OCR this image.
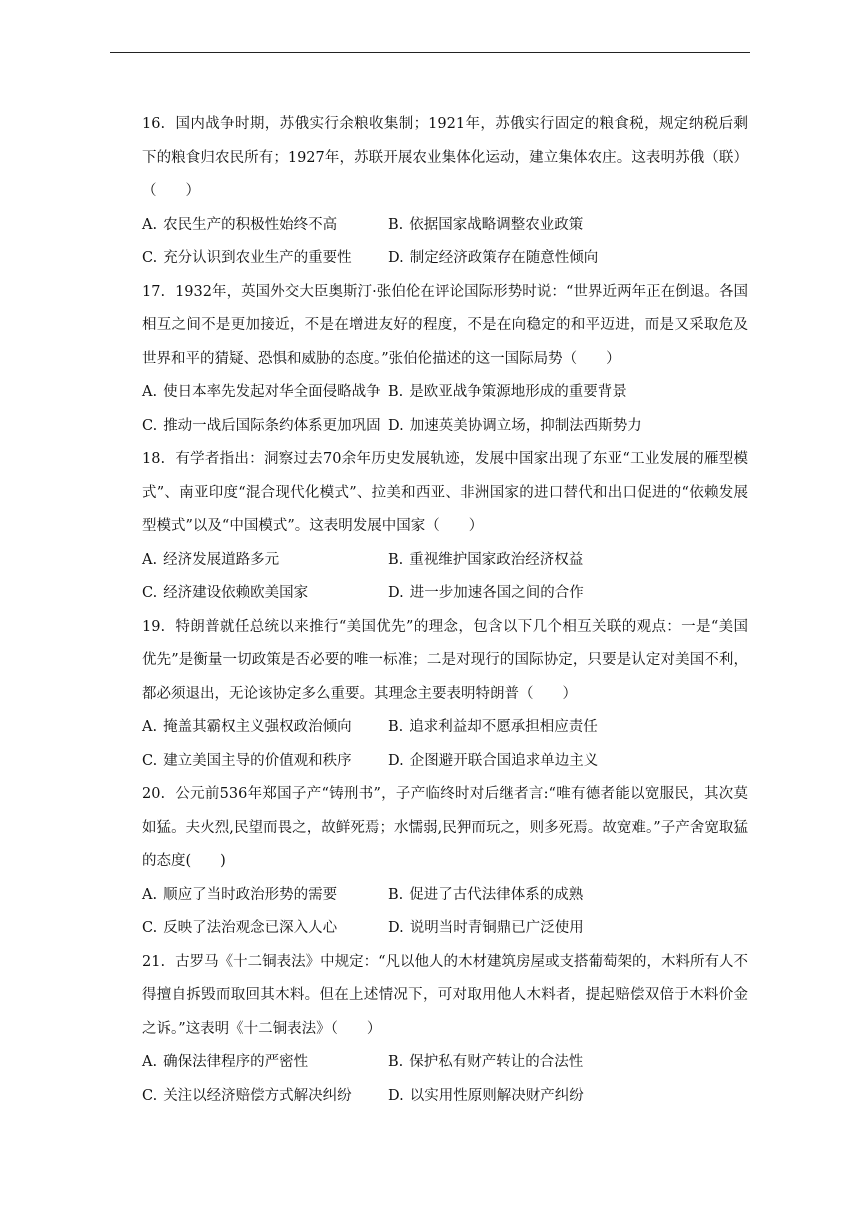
16. 国内战争时期，苏俄实行余粮收集制；1921年，苏俄实行固定的粮食税，规定纳税后剩下的粮食归农民所有；1927年，苏联开展农业集体化运动，建立集体农庄。这表明苏俄（联）（　　）

A. 农民生产的积极性始终不高	B. 依据国家战略调整农业政策
C. 充分认识到农业生产的重要性	D. 制定经济政策存在随意性倾向

17. 1932年，英国外交大臣奥斯汀·张伯伦在评论国际形势时说：“世界近两年正在倒退。各国相互之间不是更加接近，不是在增进友好的程度，不是在向稳定的和平迈进，而是又采取危及世界和平的猜疑、恐惧和威胁的态度。”张伯伦描述的这一国际局势（　　）

A. 使日本率先发起对华全面侵略战争 B. 是欧亚战争策源地形成的重要背景
C. 推动一战后国际条约体系更加巩固 D. 加速英美协调立场，抑制法西斯势力

18. 有学者指出：洞察过去70余年历史发展轨迹，发展中国家出现了东亚“工业发展的雁型模式”、南亚印度“混合现代化模式”、拉美和西亚、非洲国家的进口替代和出口促进的“依赖发展型模式”以及“中国模式”。这表明发展中国家（　　）

A. 经济发展道路多元	B. 重视维护国家政治经济权益
C. 经济建设依赖欧美国家	D. 进一步加速各国之间的合作

19. 特朗普就任总统以来推行“美国优先”的理念，包含以下几个相互关联的观点：一是“美国优先”是衡量一切政策是否必要的唯一标准；二是对现行的国际协定，只要是认定对美国不利，都必须退出，无论该协定多么重要。其理念主要表明特朗普（　　）

A. 掩盖其霸权主义强权政治倾向	B. 追求利益却不愿承担相应责任
C. 建立美国主导的价值观和秩序	D. 企图避开联合国追求单边主义

20. 公元前536年郑国子产“铸刑书”，子产临终时对后继者言:“唯有德者能以宽服民，其次莫如猛。夫火烈,民望而畏之，故鲜死焉；水懦弱,民狎而玩之，则多死焉。故宽难。”子产舍宽取猛的态度(　　)

A. 顺应了当时政治形势的需要	B. 促进了古代法律体系的成熟
C. 反映了法治观念已深入人心	D. 说明当时青铜鼎已广泛使用

21. 古罗马《十二铜表法》中规定：“凡以他人的木材建筑房屋或支搭葡萄架的，木料所有人不得擅自拆毁而取回其木料。但在上述情况下，可对取用他人木料者，提起赔偿双倍于木料价金之诉。”这表明《十二铜表法》（　　）

A. 确保法律程序的严密性	B. 保护私有财产转让的合法性
C. 关注以经济赔偿方式解决纠纷	D. 以实用性原则解决财产纠纷
